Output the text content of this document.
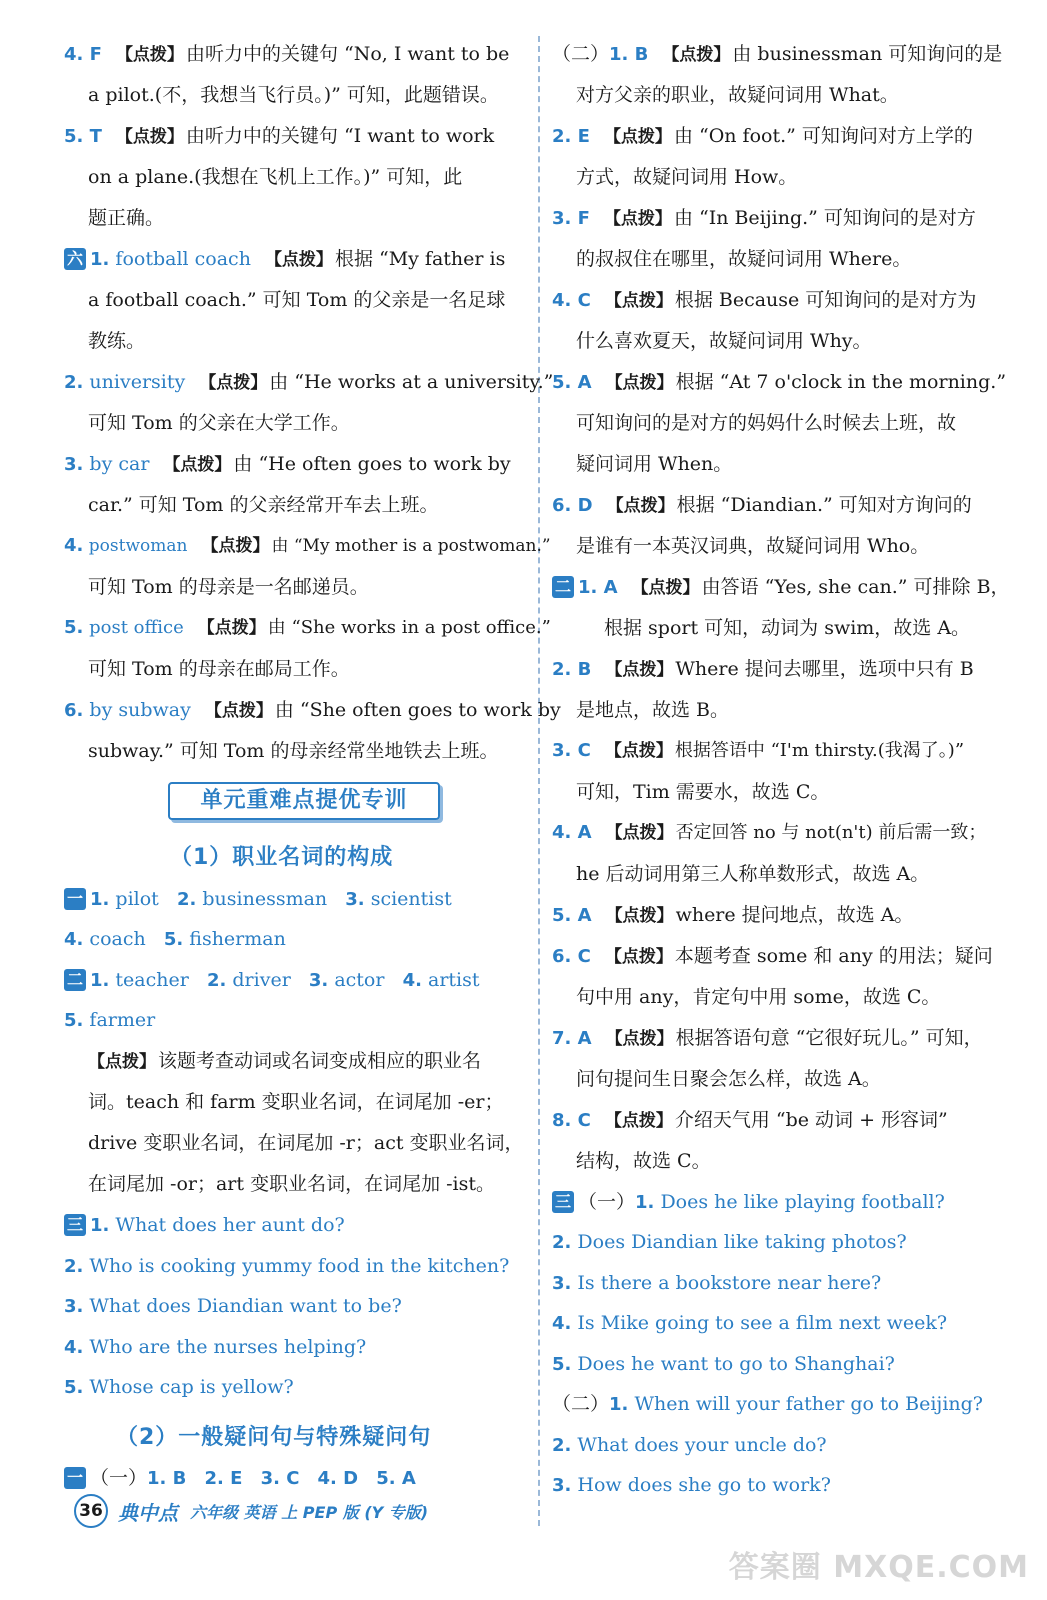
4. F 【点拨】 由听力中的关键句 “No, I want to be
a pilot.(不，我想当飞行员。)” 可知，此题错误。
5. T 【点拨】 由听力中的关键句 “I want to work
on a plane.(我想在飞机上工作。)” 可知，此
题正确。
六 1. football coach 【点拨】 根据 “My father is
a football coach.” 可知 Tom 的父亲是一名足球
教练。
2. university 【点拨】 由 “He works at a university.”
可知 Tom 的父亲在大学工作。
3. by car 【点拨】 由 “He often goes to work by
car.” 可知 Tom 的父亲经常开车去上班。
4. postwoman 【点拨】 由 “My mother is a postwoman.”
可知 Tom 的母亲是一名邮递员。
5. post office 【点拨】 由 “She works in a post office.”
可知 Tom 的母亲在邮局工作。
6. by subway 【点拨】 由 “She often goes to work by
subway.” 可知 Tom 的母亲经常坐地铁去上班。
单元重难点提优专训
（1）职业名词的构成
一 1. pilot 2. businessman 3. scientist
4. coach 5. fisherman
二 1. teacher 2. driver 3. actor 4. artist
5. farmer
【点拨】 该题考查动词或名词变成相应的职业名
词。teach 和 farm 变职业名词，在词尾加 -er；
drive 变职业名词，在词尾加 -r；act 变职业名词，
在词尾加 -or；art 变职业名词，在词尾加 -ist。
三 1. What does her aunt do?
2. Who is cooking yummy food in the kitchen?
3. What does Diandian want to be?
4. Who are the nurses helping?
5. Whose cap is yellow?
（2）一般疑问句与特殊疑问句
一 （一）1. B 2. E 3. C 4. D 5. A
（二）1. B 【点拨】 由 businessman 可知询问的是
对方父亲的职业，故疑问词用 What。
2. E 【点拨】 由 “On foot.” 可知询问对方上学的
方式，故疑问词用 How。
3. F 【点拨】 由 “In Beijing.” 可知询问的是对方
的叔叔住在哪里，故疑问词用 Where。
4. C 【点拨】 根据 Because 可知询问的是对方为
什么喜欢夏天，故疑问词用 Why。
5. A 【点拨】 根据 “At 7 o'clock in the morning.”
可知询问的是对方的妈妈什么时候去上班，故
疑问词用 When。
6. D 【点拨】 根据 “Diandian.” 可知对方询问的
是谁有一本英汉词典，故疑问词用 Who。
二 1. A 【点拨】 由答语 “Yes, she can.” 可排除 B，
根据 sport 可知，动词为 swim，故选 A。
2. B 【点拨】 Where 提问去哪里，选项中只有 B
是地点，故选 B。
3. C 【点拨】 根据答语中 “I'm thirsty.(我渴了。)”
可知，Tim 需要水，故选 C。
4. A 【点拨】 否定回答 no 与 not(n't) 前后需一致；
he 后动词用第三人称单数形式，故选 A。
5. A 【点拨】 where 提问地点，故选 A。
6. C 【点拨】 本题考查 some 和 any 的用法；疑问
句中用 any，肯定句中用 some，故选 C。
7. A 【点拨】 根据答语句意 “它很好玩儿。” 可知，
问句提问生日聚会怎么样，故选 A。
8. C 【点拨】 介绍天气用 “be 动词 + 形容词”
结构，故选 C。
三 （一）1. Does he like playing football?
2. Does Diandian like taking photos?
3. Is there a bookstore near here?
4. Is Mike going to see a film next week?
5. Does he want to go to Shanghai?
（二）1. When will your father go to Beijing?
2. What does your uncle do?
3. How does she go to work?
36 典中点 六年级 英语 上 PEP 版 (Y 专版)
答案圈 MXQE.COM
